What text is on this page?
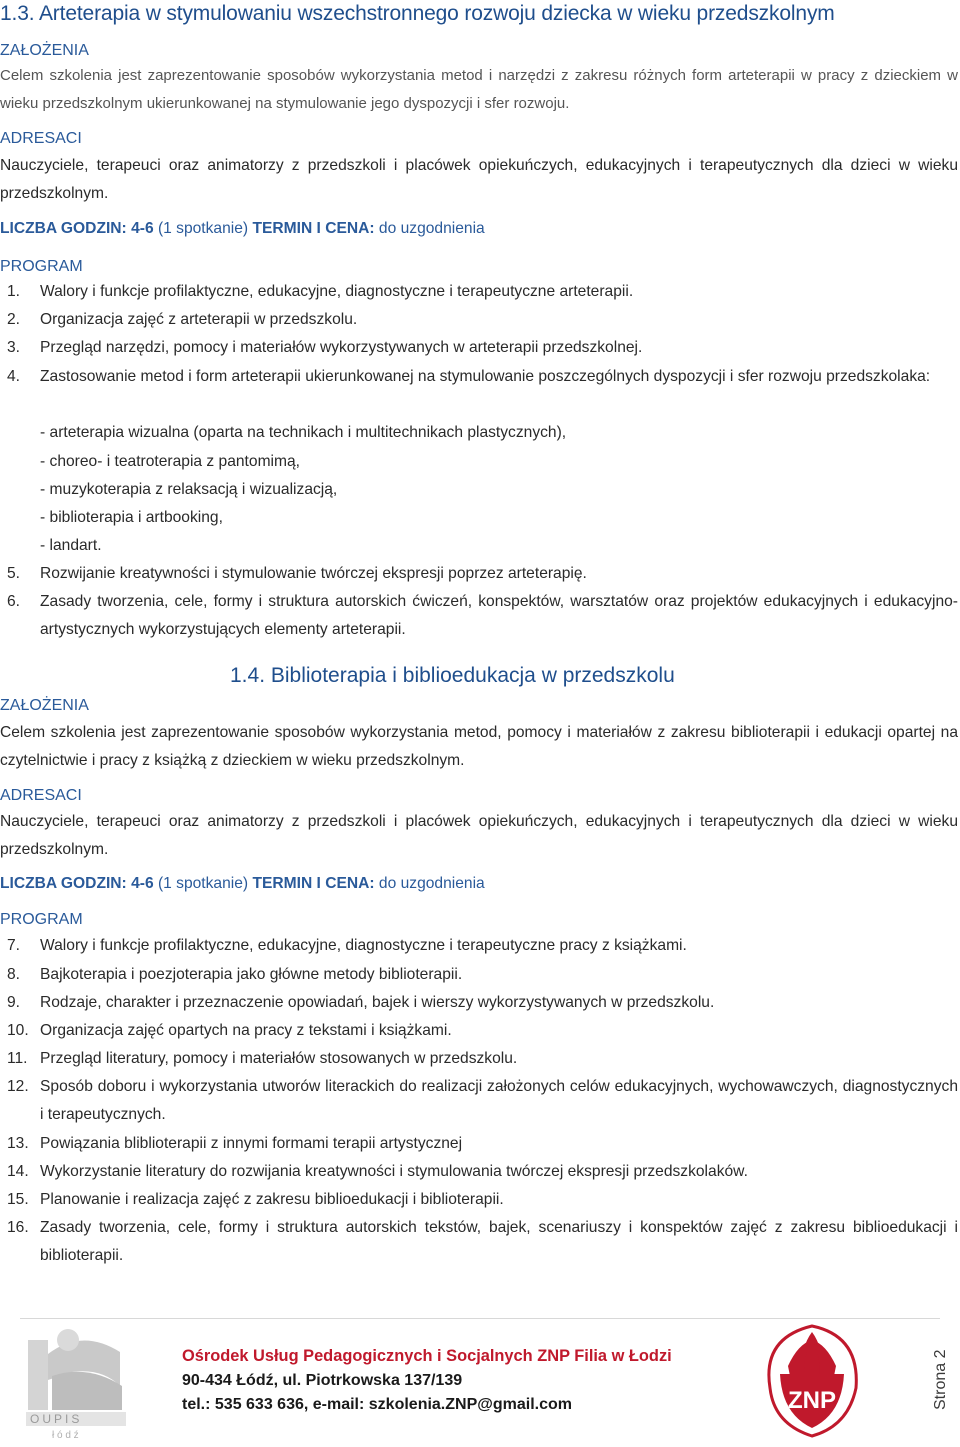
1.3. Arteterapia w stymulowaniu wszechstronnego rozwoju dziecka w wieku przedszkolnym
ZAŁOŻENIA
Celem szkolenia jest zaprezentowanie sposobów wykorzystania metod i narzędzi z zakresu różnych form arteterapii w pracy z dzieckiem w wieku przedszkolnym ukierunkowanej na stymulowanie jego dyspozycji i sfer rozwoju.
ADRESACI
Nauczyciele, terapeuci oraz animatorzy z przedszkoli i placówek opiekuńczych, edukacyjnych i terapeutycznych dla dzieci w wieku przedszkolnym.
LICZBA GODZIN: 4-6 (1 spotkanie) TERMIN I CENA: do uzgodnienia
PROGRAM
1. Walory i funkcje profilaktyczne, edukacyjne, diagnostyczne i terapeutyczne arteterapii.
2. Organizacja zajęć z arteterapii w przedszkolu.
3. Przegląd narzędzi, pomocy i materiałów wykorzystywanych w arteterapii przedszkolnej.
4. Zastosowanie metod i form arteterapii ukierunkowanej na stymulowanie poszczególnych dyspozycji i sfer rozwoju przedszkolaka:
- arteterapia wizualna (oparta na technikach i multitechnikach plastycznych),
- choreo- i teatroterapia z pantomimą,
- muzykoterapia z relaksacją i wizualizacją,
- biblioterapia i artbooking,
- landart.
5. Rozwijanie kreatywności i stymulowanie twórczej ekspresji poprzez arteterapię.
6. Zasady tworzenia, cele, formy i struktura autorskich ćwiczeń, konspektów, warsztatów oraz projektów edukacyjnych i edukacyjno-artystycznych wykorzystujących elementy arteterapii.
1.4. Biblioterapia i biblioedukacja w przedszkolu
ZAŁOŻENIA
Celem szkolenia jest zaprezentowanie sposobów wykorzystania metod, pomocy i materiałów z zakresu biblioterapii i edukacji opartej na czytelnictwie i pracy z książką z dzieckiem w wieku przedszkolnym.
ADRESACI
Nauczyciele, terapeuci oraz animatorzy z przedszkoli i placówek opiekuńczych, edukacyjnych i terapeutycznych dla dzieci w wieku przedszkolnym.
LICZBA GODZIN: 4-6 (1 spotkanie) TERMIN I CENA: do uzgodnienia
PROGRAM
7. Walory i funkcje profilaktyczne, edukacyjne, diagnostyczne i terapeutyczne pracy z książkami.
8. Bajkoterapia i poezjoterapia jako główne metody biblioterapii.
9. Rodzaje, charakter i przeznaczenie opowiadań, bajek i wierszy wykorzystywanych w przedszkolu.
10. Organizacja zajęć opartych na pracy z tekstami i książkami.
11. Przegląd literatury, pomocy i materiałów stosowanych w przedszkolu.
12. Sposób doboru i wykorzystania utworów literackich do realizacji założonych celów edukacyjnych, wychowawczych, diagnostycznych i terapeutycznych.
13. Powiązania bliblioterapii z innymi formami terapii artystycznej
14. Wykorzystanie literatury do rozwijania kreatywności i stymulowania twórczej ekspresji przedszkolaków.
15. Planowanie i realizacja zajęć z zakresu biblioedukacji i biblioterapii.
16. Zasady tworzenia, cele, formy i struktura autorskich tekstów, bajek, scenariuszy i konspektów zajęć z zakresu biblioedukacji i biblioterapii.
OUPIS
ł ó d ź
Ośrodek Usług Pedagogicznych i Socjalnych ZNP Filia w Łodzi
90-434 Łódź, ul. Piotrkowska 137/139
tel.: 535 633 636, e-mail: szkolenia.ZNP@gmail.com	ZNP	Strona 2
